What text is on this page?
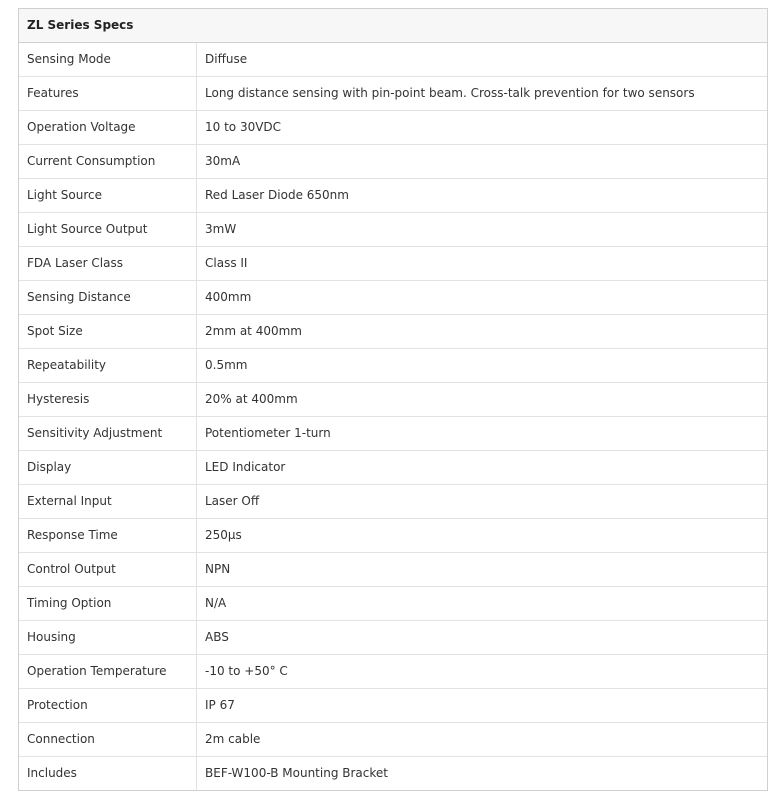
ZL Series Specs
Sensing Mode	Diffuse
Features	Long distance sensing with pin-point beam. Cross-talk prevention for two sensors
Operation Voltage	10 to 30VDC
Current Consumption	30mA
Light Source	Red Laser Diode 650nm
Light Source Output	3mW
FDA Laser Class	Class II
Sensing Distance	400mm
Spot Size	2mm at 400mm
Repeatability	0.5mm
Hysteresis	20% at 400mm
Sensitivity Adjustment	Potentiometer 1-turn
Display	LED Indicator
External Input	Laser Off
Response Time	250µs
Control Output	NPN
Timing Option	N/A
Housing	ABS
Operation Temperature	-10 to +50° C
Protection	IP 67
Connection	2m cable
Includes	BEF-W100-B Mounting Bracket
